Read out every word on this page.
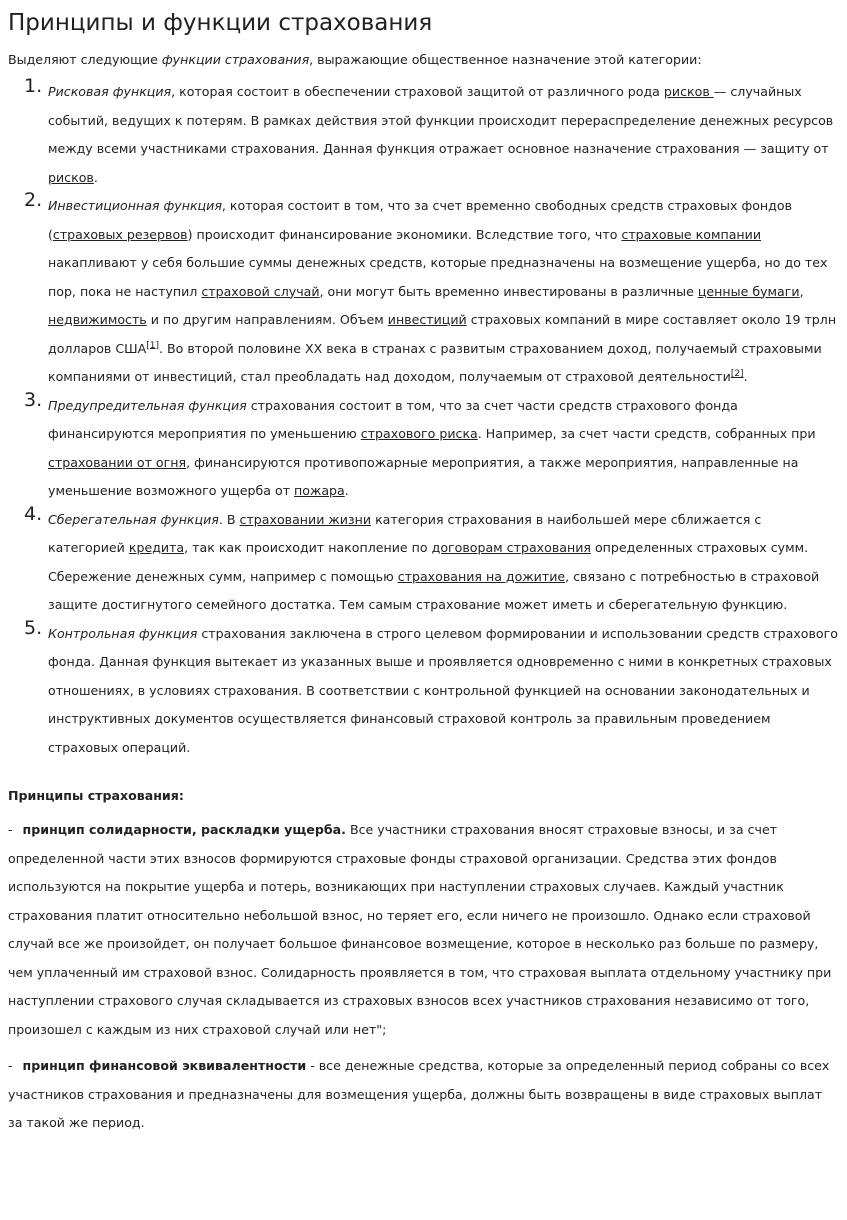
Принципы и функции страхования

Выделяют следующие функции страхования, выражающие общественное назначение этой категории:

1. Рисковая функция, которая состоит в обеспечении страховой защитой от различного рода рисков — случайных событий, ведущих к потерям. В рамках действия этой функции происходит перераспределение денежных ресурсов между всеми участниками страхования. Данная функция отражает основное назначение страхования — защиту от рисков.
2. Инвестиционная функция, которая состоит в том, что за счет временно свободных средств страховых фондов (страховых резервов) происходит финансирование экономики. Вследствие того, что страховые компании накапливают у себя большие суммы денежных средств, которые предназначены на возмещение ущерба, но до тех пор, пока не наступил страховой случай, они могут быть временно инвестированы в различные ценные бумаги, недвижимость и по другим направлениям. Объем инвестиций страховых компаний в мире составляет около 19 трлн долларов США[1]. Во второй половине XX века в странах с развитым страхованием доход, получаемый страховыми компаниями от инвестиций, стал преобладать над доходом, получаемым от страховой деятельности[2].
3. Предупредительная функция страхования состоит в том, что за счет части средств страхового фонда финансируются мероприятия по уменьшению страхового риска. Например, за счет части средств, собранных при страховании от огня, финансируются противопожарные мероприятия, а также мероприятия, направленные на уменьшение возможного ущерба от пожара.
4. Сберегательная функция. В страховании жизни категория страхования в наибольшей мере сближается с категорией кредита, так как происходит накопление по договорам страхования определенных страховых сумм. Сбережение денежных сумм, например с помощью страхования на дожитие, связано с потребностью в страховой защите достигнутого семейного достатка. Тем самым страхование может иметь и сберегательную функцию.
5. Контрольная функция страхования заключена в строго целевом формировании и использовании средств страхового фонда. Данная функция вытекает из указанных выше и проявляется одновременно с ними в конкретных страховых отношениях, в условиях страхования. В соответствии с контрольной функцией на основании законодательных и инструктивных документов осуществляется финансовый страховой контроль за правильным проведением страховых операций.
Принципы страхования:

- принцип солидарности, раскладки ущерба. Все участники страхования вносят страховые взносы, и за счет определенной части этих взносов формируются страховые фонды страховой организации. Средства этих фондов используются на покрытие ущерба и потерь, возникающих при наступлении страховых случаев. Каждый участник страхования платит относительно небольшой взнос, но теряет его, если ничего не произошло. Однако если страховой случай все же произойдет, он получает большое финансовое возмещение, которое в несколько раз больше по размеру, чем уплаченный им страховой взнос. Солидарность проявляется в том, что страховая выплата отдельному участнику при наступлении страхового случая складывается из страховых взносов всех участников страхования независимо от того, произошел с каждым из них страховой случай или нет";

- принцип финансовой эквивалентности - все денежные средства, которые за определенный период собраны со всех участников страхования и предназначены для возмещения ущерба, должны быть возвращены в виде страховых выплат за такой же период.
